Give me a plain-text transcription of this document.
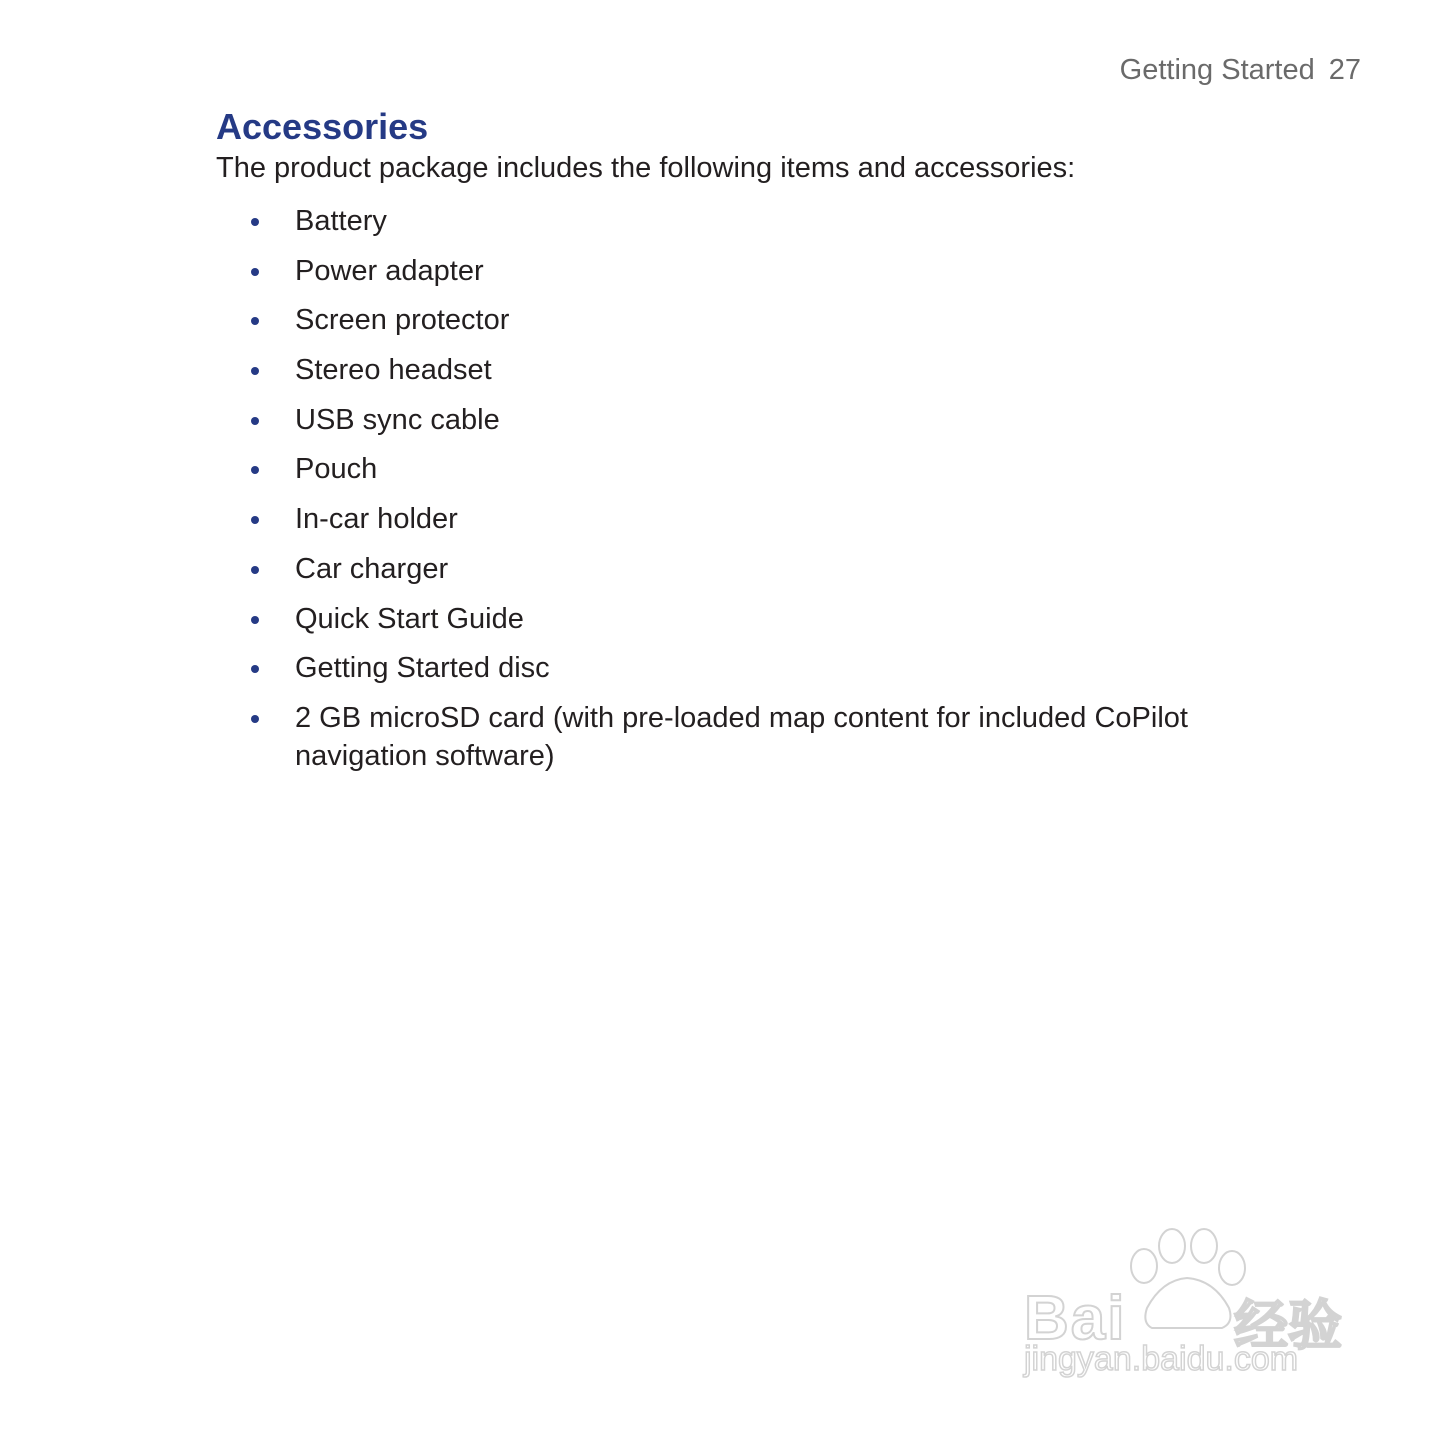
Getting Started 27
Accessories

The product package includes the following items and accessories:

Battery
Power adapter
Screen protector
Stereo headset
USB sync cable
Pouch
In-car holder
Car charger
Quick Start Guide
Getting Started disc
2 GB microSD card (with pre-loaded map content for included CoPilot navigation software)
Bai 经验
jingyan.baidu.com
